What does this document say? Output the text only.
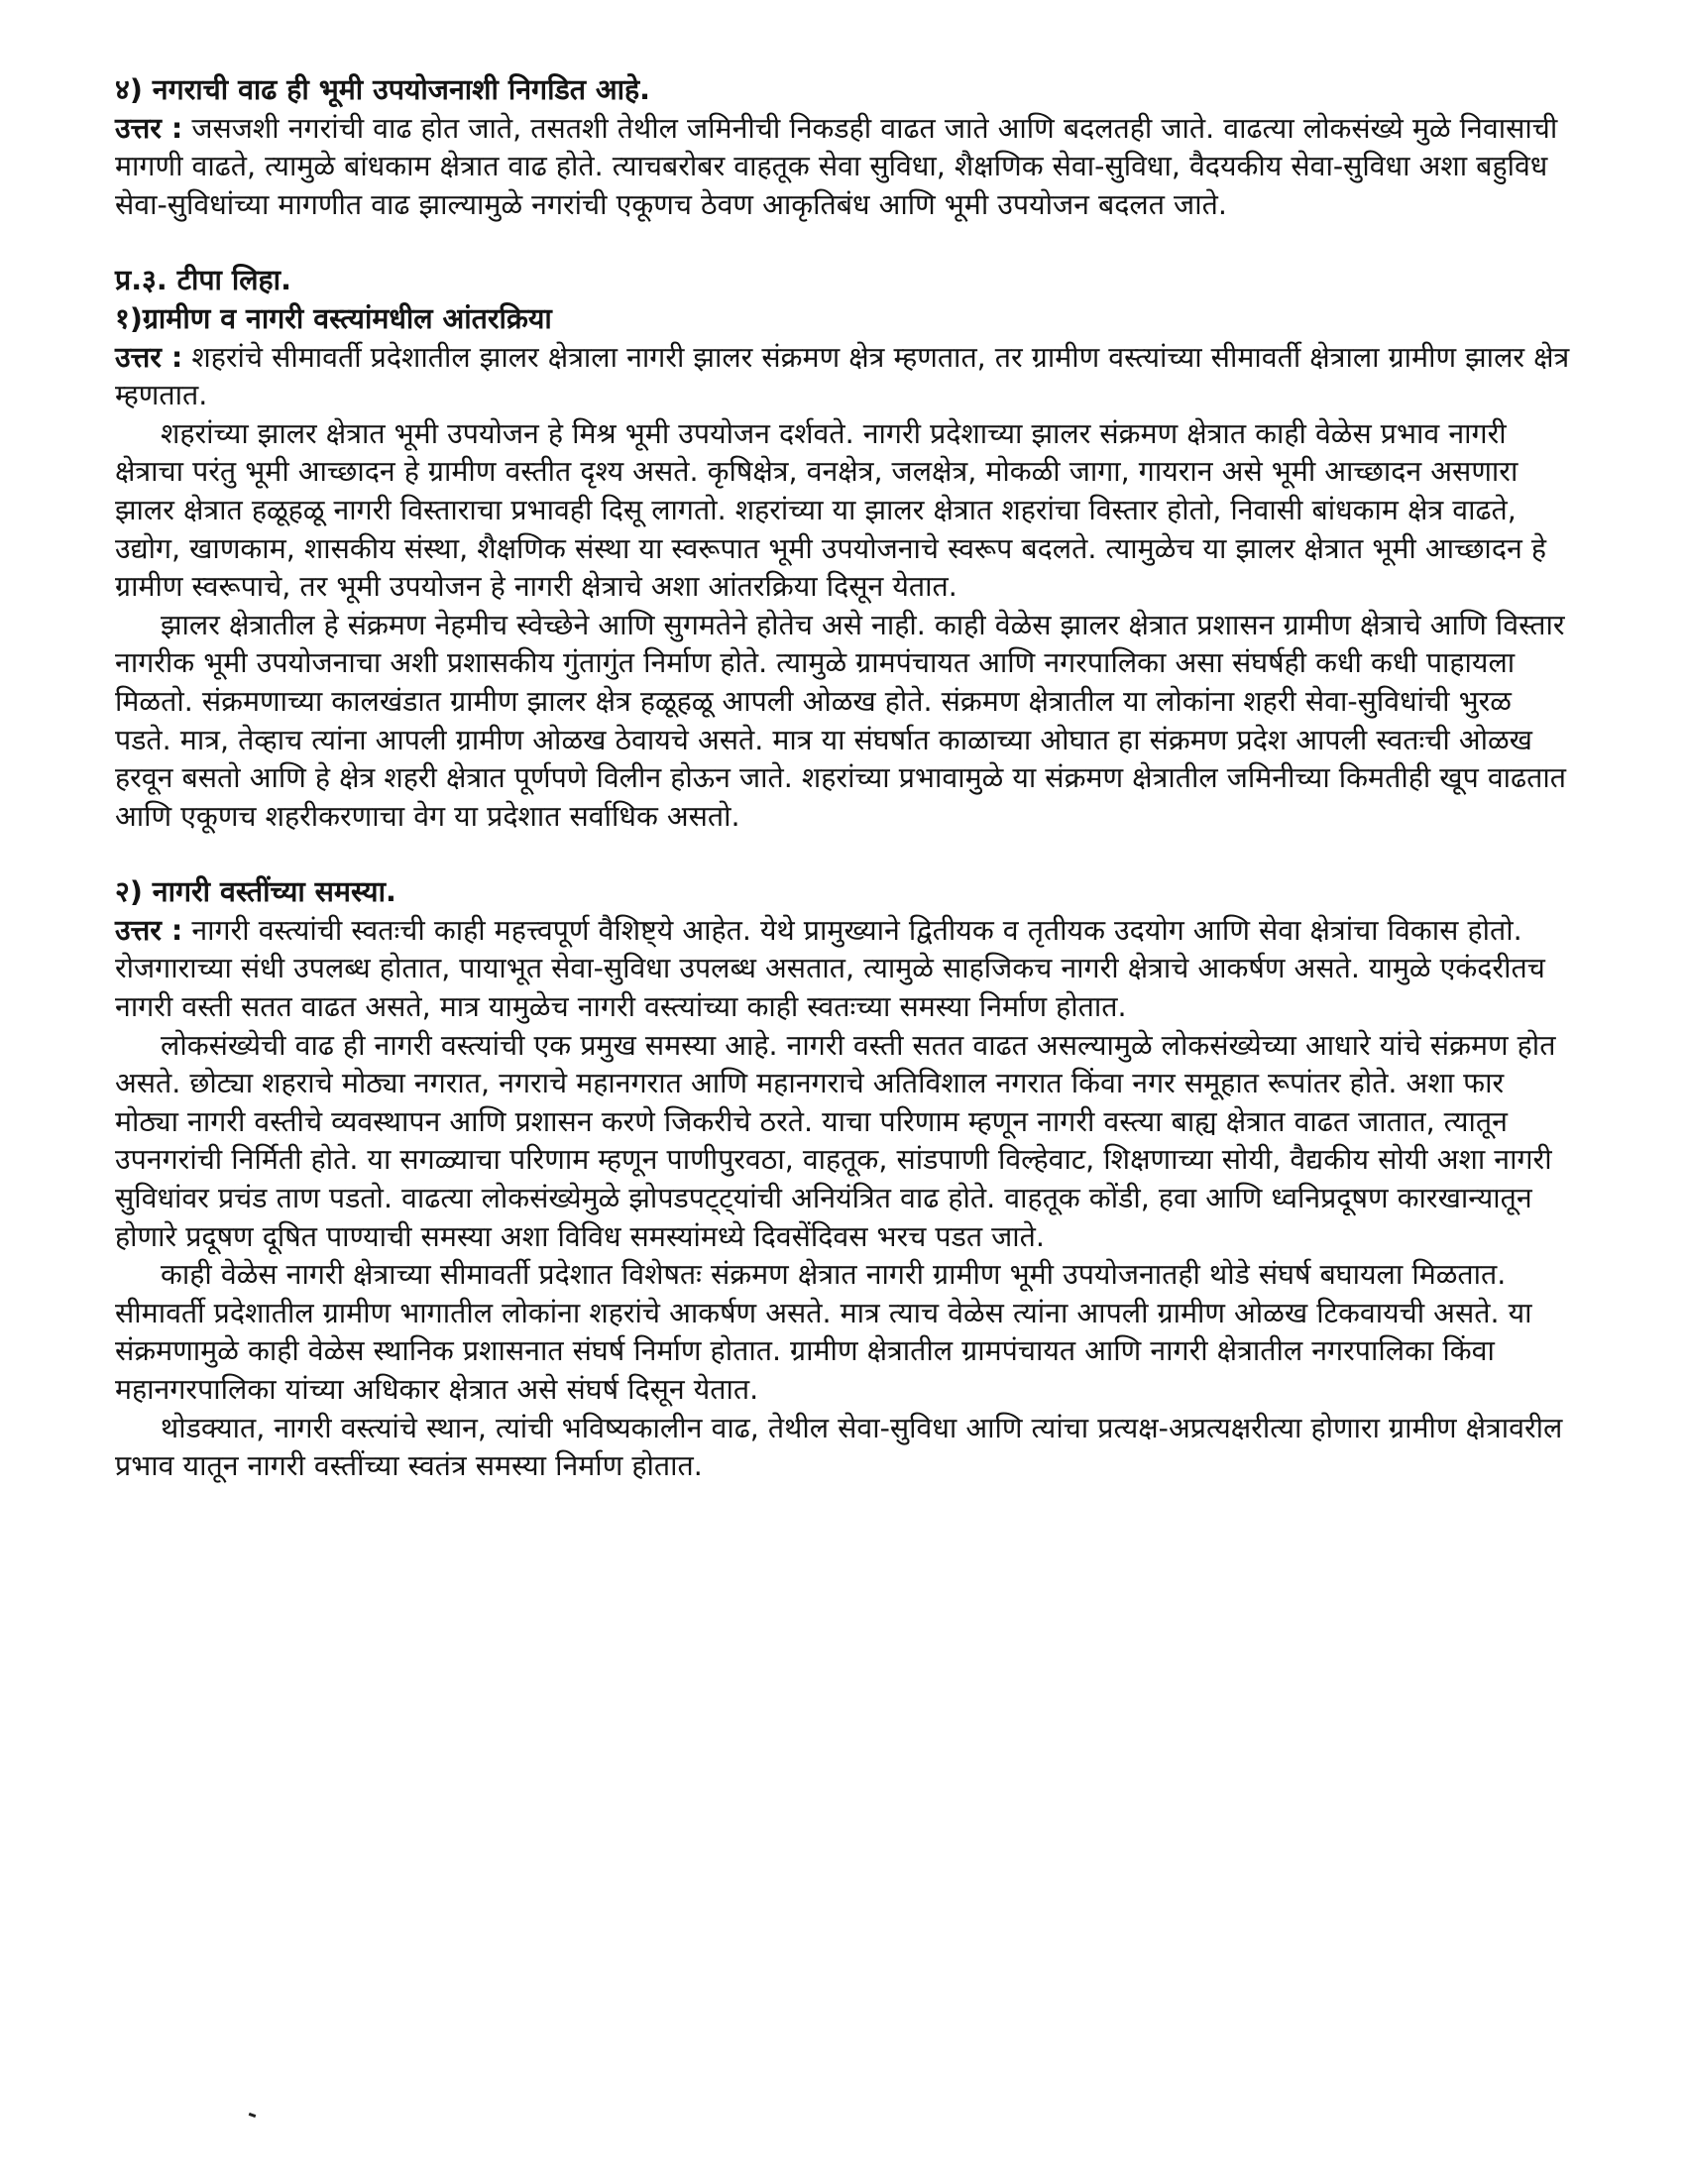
४) नगराची वाढ ही भूमी उपयोजनाशी निगडित आहे.

उत्तर : जसजशी नगरांची वाढ होत जाते, तसतशी तेथील जमिनीची निकडही वाढत जाते आणि बदलतही जाते. वाढत्या लोकसंख्ये मुळे निवासाची मागणी वाढते, त्यामुळे बांधकाम क्षेत्रात वाढ होते. त्याचबरोबर वाहतूक सेवा सुविधा, शैक्षणिक सेवा-सुविधा, वैदयकीय सेवा-सुविधा अशा बहुविध सेवा-सुविधांच्या मागणीत वाढ झाल्यामुळे नगरांची एकूणच ठेवण आकृतिबंध आणि भूमी उपयोजन बदलत जाते.

प्र.३. टीपा लिहा.

१)ग्रामीण व नागरी वस्त्यांमधील आंतरक्रिया

उत्तर : शहरांचे सीमावर्ती प्रदेशातील झालर क्षेत्राला नागरी झालर संक्रमण क्षेत्र म्हणतात, तर ग्रामीण वस्त्यांच्या सीमावर्ती क्षेत्राला ग्रामीण झालर क्षेत्र म्हणतात.

शहरांच्या झालर क्षेत्रात भूमी उपयोजन हे मिश्र भूमी उपयोजन दर्शवते. नागरी प्रदेशाच्या झालर संक्रमण क्षेत्रात काही वेळेस प्रभाव नागरी क्षेत्राचा परंतु भूमी आच्छादन हे ग्रामीण वस्तीत दृश्य असते. कृषिक्षेत्र, वनक्षेत्र, जलक्षेत्र, मोकळी जागा, गायरान असे भूमी आच्छादन असणारा झालर क्षेत्रात हळूहळू नागरी विस्ताराचा प्रभावही दिसू लागतो. शहरांच्या या झालर क्षेत्रात शहरांचा विस्तार होतो, निवासी बांधकाम क्षेत्र वाढते, उद्योग, खाणकाम, शासकीय संस्था, शैक्षणिक संस्था या स्वरूपात भूमी उपयोजनाचे स्वरूप बदलते. त्यामुळेच या झालर क्षेत्रात भूमी आच्छादन हे ग्रामीण स्वरूपाचे, तर भूमी उपयोजन हे नागरी क्षेत्राचे अशा आंतरक्रिया दिसून येतात.

झालर क्षेत्रातील हे संक्रमण नेहमीच स्वेच्छेने आणि सुगमतेने होतेच असे नाही. काही वेळेस झालर क्षेत्रात प्रशासन ग्रामीण क्षेत्राचे आणि विस्तार नागरीक भूमी उपयोजनाचा अशी प्रशासकीय गुंतागुंत निर्माण होते. त्यामुळे ग्रामपंचायत आणि नगरपालिका असा संघर्षही कधी कधी पाहायला मिळतो. संक्रमणाच्या कालखंडात ग्रामीण झालर क्षेत्र हळूहळू आपली ओळख होते. संक्रमण क्षेत्रातील या लोकांना शहरी सेवा-सुविधांची भुरळ पडते. मात्र, तेव्हाच त्यांना आपली ग्रामीण ओळख ठेवायचे असते. मात्र या संघर्षात काळाच्या ओघात हा संक्रमण प्रदेश आपली स्वतःची ओळख हरवून बसतो आणि हे क्षेत्र शहरी क्षेत्रात पूर्णपणे विलीन होऊन जाते. शहरांच्या प्रभावामुळे या संक्रमण क्षेत्रातील जमिनीच्या किमतीही खूप वाढतात आणि एकूणच शहरीकरणाचा वेग या प्रदेशात सर्वाधिक असतो.

२) नागरी वस्तींच्या समस्या.

उत्तर : नागरी वस्त्यांची स्वतःची काही महत्त्वपूर्ण वैशिष्ट्ये आहेत. येथे प्रामुख्याने द्वितीयक व तृतीयक उदयोग आणि सेवा क्षेत्रांचा विकास होतो. रोजगाराच्या संधी उपलब्ध होतात, पायाभूत सेवा-सुविधा उपलब्ध असतात, त्यामुळे साहजिकच नागरी क्षेत्राचे आकर्षण असते. यामुळे एकंदरीतच नागरी वस्ती सतत वाढत असते, मात्र यामुळेच नागरी वस्त्यांच्या काही स्वतःच्या समस्या निर्माण होतात.

लोकसंख्येची वाढ ही नागरी वस्त्यांची एक प्रमुख समस्या आहे. नागरी वस्ती सतत वाढत असल्यामुळे लोकसंख्येच्या आधारे यांचे संक्रमण होत असते. छोट्या शहराचे मोठ्या नगरात, नगराचे महानगरात आणि महानगराचे अतिविशाल नगरात किंवा नगर समूहात रूपांतर होते. अशा फार मोठ्या नागरी वस्तीचे व्यवस्थापन आणि प्रशासन करणे जिकरीचे ठरते. याचा परिणाम म्हणून नागरी वस्त्या बाह्य क्षेत्रात वाढत जातात, त्यातून उपनगरांची निर्मिती होते. या सगळ्याचा परिणाम म्हणून पाणीपुरवठा, वाहतूक, सांडपाणी विल्हेवाट, शिक्षणाच्या सोयी, वैद्यकीय सोयी अशा नागरी सुविधांवर प्रचंड ताण पडतो. वाढत्या लोकसंख्येमुळे झोपडपट्ट्यांची अनियंत्रित वाढ होते. वाहतूक कोंडी, हवा आणि ध्वनिप्रदूषण कारखान्यातून होणारे प्रदूषण दूषित पाण्याची समस्या अशा विविध समस्यांमध्ये दिवसेंदिवस भरच पडत जाते.

काही वेळेस नागरी क्षेत्राच्या सीमावर्ती प्रदेशात विशेषतः संक्रमण क्षेत्रात नागरी ग्रामीण भूमी उपयोजनातही थोडे संघर्ष बघायला मिळतात. सीमावर्ती प्रदेशातील ग्रामीण भागातील लोकांना शहरांचे आकर्षण असते. मात्र त्याच वेळेस त्यांना आपली ग्रामीण ओळख टिकवायची असते. या संक्रमणामुळे काही वेळेस स्थानिक प्रशासनात संघर्ष निर्माण होतात. ग्रामीण क्षेत्रातील ग्रामपंचायत आणि नागरी क्षेत्रातील नगरपालिका किंवा महानगरपालिका यांच्या अधिकार क्षेत्रात असे संघर्ष दिसून येतात.

थोडक्यात, नागरी वस्त्यांचे स्थान, त्यांची भविष्यकालीन वाढ, तेथील सेवा-सुविधा आणि त्यांचा प्रत्यक्ष-अप्रत्यक्षरीत्या होणारा ग्रामीण क्षेत्रावरील प्रभाव यातून नागरी वस्तींच्या स्वतंत्र समस्या निर्माण होतात.
